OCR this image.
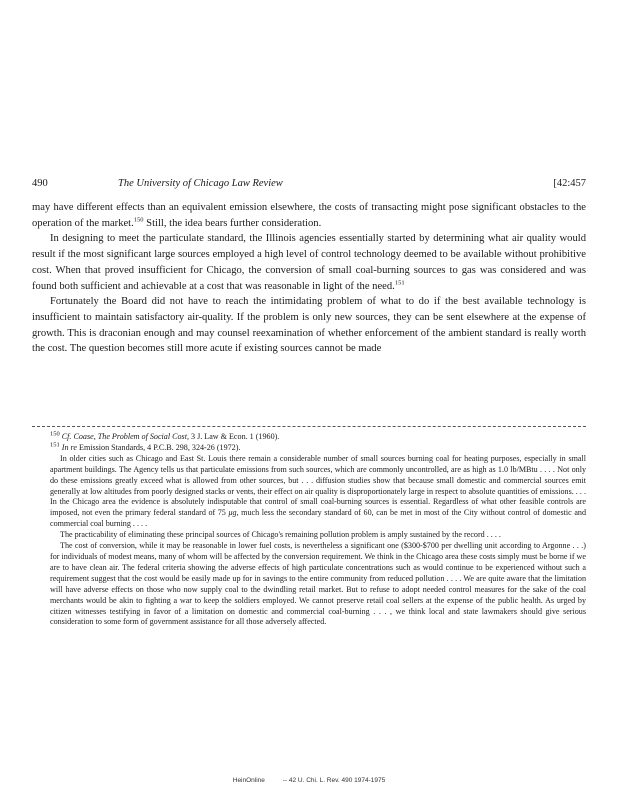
490	The University of Chicago Law Review	[42:457

may have different effects than an equivalent emission elsewhere, the costs of transacting might pose significant obstacles to the operation of the market.$^{150}$ Still, the idea bears further consideration.

In designing to meet the particulate standard, the Illinois agencies essentially started by determining what air quality would result if the most significant large sources employed a high level of control technology deemed to be available without prohibitive cost. When that proved insufficient for Chicago, the conversion of small coal-burning sources to gas was considered and was found both sufficient and achievable at a cost that was reasonable in light of the need.$^{151}$

Fortunately the Board did not have to reach the intimidating problem of what to do if the best available technology is insufficient to maintain satisfactory air-quality. If the problem is only new sources, they can be sent elsewhere at the expense of growth. This is draconian enough and may counsel reexamination of whether enforcement of the ambient standard is really worth the cost. The question becomes still more acute if existing sources cannot be made

$^{150}$ Cf. Coase, The Problem of Social Cost, 3 J. Law & Econ. 1 (1960).

$^{151}$ In re Emission Standards, 4 P.C.B. 298, 324-26 (1972).

In older cities such as Chicago and East St. Louis there remain a considerable number of small sources burning coal for heating purposes, especially in small apartment buildings. The Agency tells us that particulate emissions from such sources, which are commonly uncontrolled, are as high as 1.0 lb/MBtu . . . . Not only do these emissions greatly exceed what is allowed from other sources, but . . . diffusion studies show that because small domestic and commercial sources emit generally at low altitudes from poorly designed stacks or vents, their effect on air quality is disproportionately large in respect to absolute quantities of emissions. . . . In the Chicago area the evidence is absolutely indisputable that control of small coal-burning sources is essential. Regardless of what other feasible controls are imposed, not even the primary federal standard of 75 μg, much less the secondary standard of 60, can be met in most of the City without control of domestic and commercial coal burning . . . .

The practicability of eliminating these principal sources of Chicago's remaining pollution problem is amply sustained by the record . . . .

The cost of conversion, while it may be reasonable in lower fuel costs, is nevertheless a significant one ($300-$700 per dwelling unit according to Argonne . . .) for individuals of modest means, many of whom will be affected by the conversion requirement. We think in the Chicago area these costs simply must be borne if we are to have clean air. The federal criteria showing the adverse effects of high particulate concentrations such as would continue to be experienced without such a requirement suggest that the cost would be easily made up for in savings to the entire community from reduced pollution . . . . We are quite aware that the limitation will have adverse effects on those who now supply coal to the dwindling retail market. But to refuse to adopt needed control measures for the sake of the coal merchants would be akin to fighting a war to keep the soldiers employed. We cannot preserve retail coal sellers at the expense of the public health. As urged by citizen witnesses testifying in favor of a limitation on domestic and commercial coal-burning . . . , we think local and state lawmakers should give serious consideration to some form of government assistance for all those adversely affected.

HeinOnline	-- 42 U. Chi. L. Rev. 490 1974-1975
